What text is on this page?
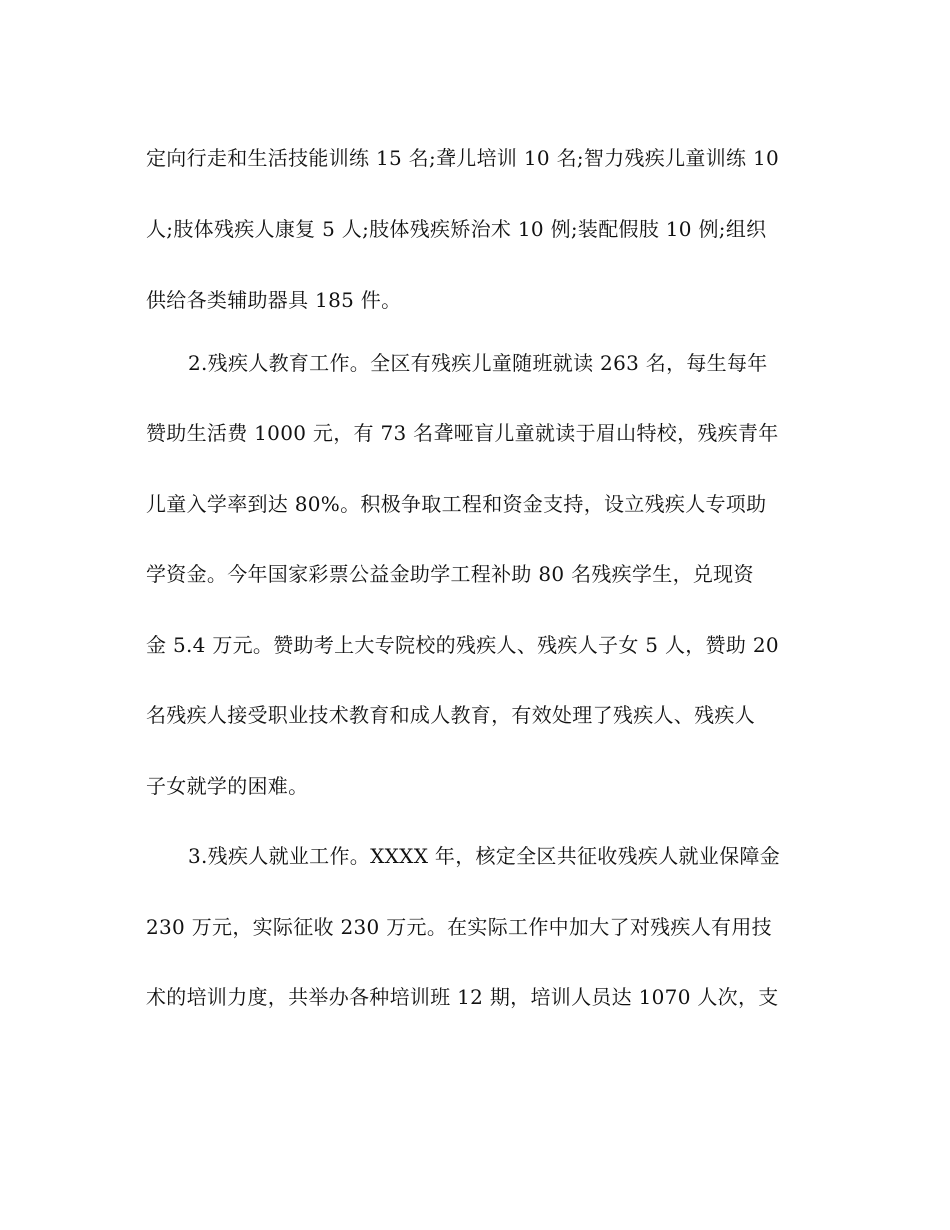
定向行走和生活技能训练 15 名;聋儿培训 10 名;智力残疾儿童训练 10
人;肢体残疾人康复 5 人;肢体残疾矫治术 10 例;装配假肢 10 例;组织
供给各类辅助器具 185 件。
2.残疾人教育工作。全区有残疾儿童随班就读 263 名，每生每年
赞助生活费 1000 元，有 73 名聋哑盲儿童就读于眉山特校，残疾青年
儿童入学率到达 80%。积极争取工程和资金支持，设立残疾人专项助
学资金。今年国家彩票公益金助学工程补助 80 名残疾学生，兑现资
金 5.4 万元。赞助考上大专院校的残疾人、残疾人子女 5 人，赞助 20
名残疾人接受职业技术教育和成人教育，有效处理了残疾人、残疾人
子女就学的困难。
3.残疾人就业工作。XXXX 年，核定全区共征收残疾人就业保障金
230 万元，实际征收 230 万元。在实际工作中加大了对残疾人有用技
术的培训力度，共举办各种培训班 12 期，培训人员达 1070 人次，支
